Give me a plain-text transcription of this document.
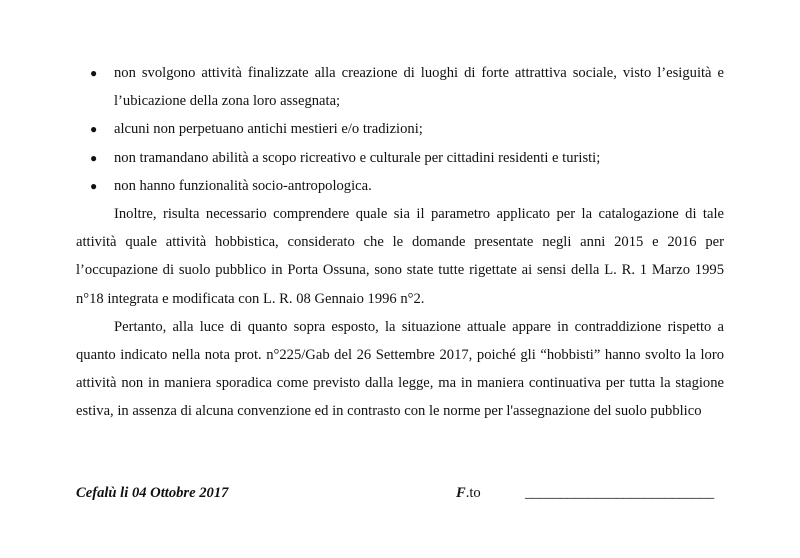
● non svolgono attività finalizzate alla creazione di luoghi di forte attrattiva sociale, visto l’esiguità e l’ubicazione della zona loro assegnata;
● alcuni non perpetuano antichi mestieri e/o tradizioni;
● non tramandano abilità a scopo ricreativo e culturale per cittadini residenti e turisti;
● non hanno funzionalità socio-antropologica.

Inoltre, risulta necessario comprendere quale sia il parametro applicato per la catalogazione di tale attività quale attività hobbistica, considerato che le domande presentate negli anni 2015 e 2016 per l’occupazione di suolo pubblico in Porta Ossuna, sono state tutte rigettate ai sensi della L. R. 1 Marzo 1995 n°18 integrata e modificata con L. R. 08 Gennaio 1996 n°2.

Pertanto, alla luce di quanto sopra esposto, la situazione attuale appare in contraddizione rispetto a quanto indicato nella nota prot. n°225/Gab del 26 Settembre 2017, poiché gli “hobbisti” hanno svolto la loro attività non in maniera sporadica come previsto dalla legge, ma in maniera continuativa per tutta la stagione estiva, in assenza di alcuna convenzione ed in contrasto con le norme per l'assegnazione del suolo pubblico

Cefalù li 04 Ottobre 2017	F.to	___________________________
